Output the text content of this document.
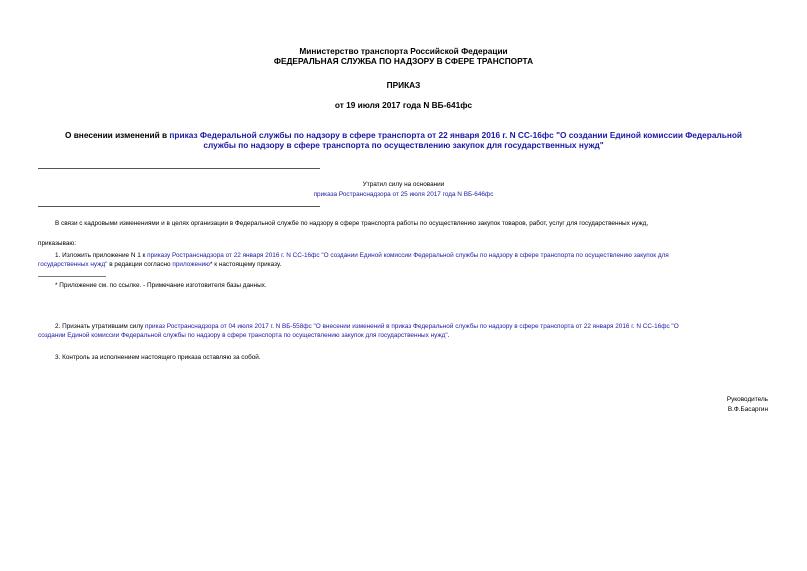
Министерство транспорта Российской Федерации
ФЕДЕРАЛЬНАЯ СЛУЖБА ПО НАДЗОРУ В СФЕРЕ ТРАНСПОРТА
ПРИКАЗ
от 19 июля 2017 года N ВБ-641фс
О внесении изменений в приказ Федеральной службы по надзору в сфере транспорта от 22 января 2016 г. N СС-16фс "О создании Единой комиссии Федеральной
службы по надзору в сфере транспорта по осуществлению закупок для государственных нужд"
Утратил силу на основании
приказа Ространснадзора от 25 июля 2017 года N ВБ-646фс
В связи с кадровыми изменениями и в целях организации в Федеральной службе по надзору в сфере транспорта работы по осуществлению закупок товаров, работ, услуг для государственных нужд,
приказываю:
1. Изложить приложение N 1 к приказу Ространснадзора от 22 января 2016 г. N СС-16фс "О создании Единой комиссии Федеральной службы по надзору в сфере транспорта по осуществлению закупок для
государственных нужд" в редакции согласно приложению* к настоящему приказу.
* Приложение см. по ссылке. - Примечание изготовителя базы данных.
2. Признать утратившим силу приказ Ространснадзора от 04 июля 2017 г. N ВБ-558фс "О внесении изменений в приказ Федеральной службы по надзору в сфере транспорта от 22 января 2016 г. N СС-16фс "О
создании Единой комиссии Федеральной службы по надзору в сфере транспорта по осуществлению закупок для государственных нужд".
3. Контроль за исполнением настоящего приказа оставляю за собой.
Руководитель
В.Ф.Басаргин
